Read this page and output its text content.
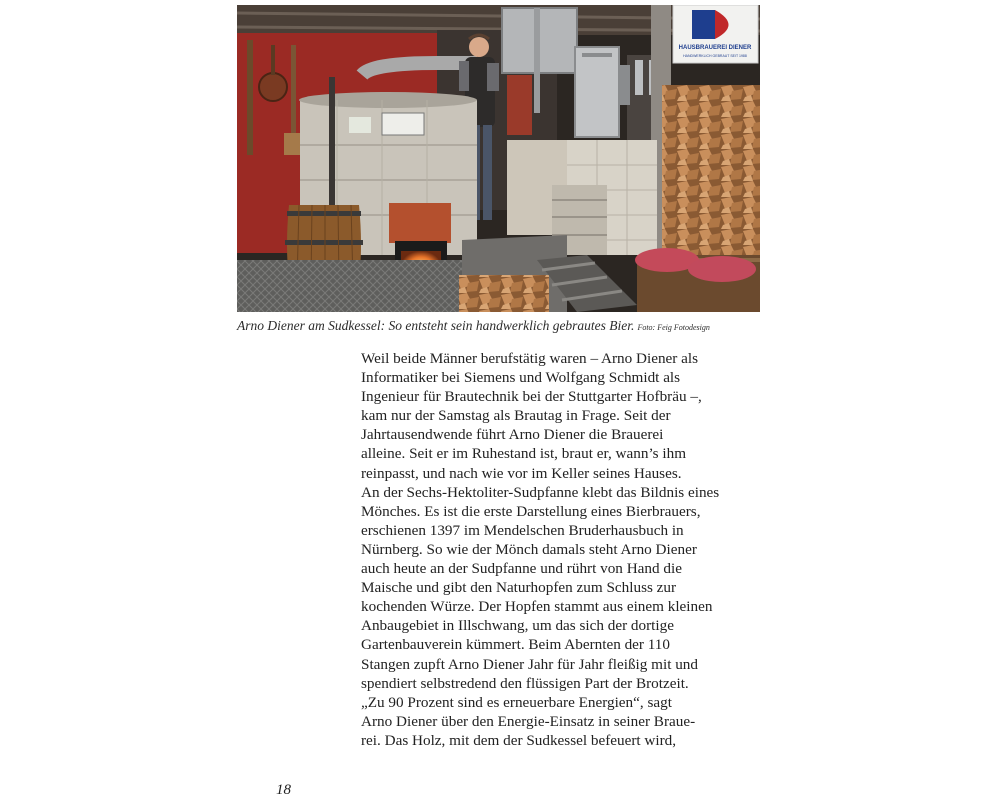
HAUSBRAUEREI DIENER
HANDWERKLICH GEBRAUT SEIT 1988
Arno Diener am Sudkessel: So entsteht sein handwerklich gebrautes Bier. Foto: Feig Fotodesign
Weil beide Männer berufstätig waren – Arno Diener als
Informatiker bei Siemens und Wolfgang Schmidt als
Ingenieur für Brautechnik bei der Stuttgarter Hofbräu –,
kam nur der Samstag als Brautag in Frage. Seit der
Jahrtausendwende führt Arno Diener die Brauerei
alleine. Seit er im Ruhestand ist, braut er, wann’s ihm
reinpasst, und nach wie vor im Keller seines Hauses.
An der Sechs-Hektoliter-Sudpfanne klebt das Bildnis eines
Mönches. Es ist die erste Darstellung eines Bierbrauers,
erschienen 1397 im Mendelschen Bruderhausbuch in
Nürnberg. So wie der Mönch damals steht Arno Diener
auch heute an der Sudpfanne und rührt von Hand die
Maische und gibt den Naturhopfen zum Schluss zur
kochenden Würze. Der Hopfen stammt aus einem kleinen
Anbaugebiet in Illschwang, um das sich der dortige
Gartenbauverein kümmert. Beim Abernten der 110
Stangen zupft Arno Diener Jahr für Jahr fleißig mit und
spendiert selbstredend den flüssigen Part der Brotzeit.
„Zu 90 Prozent sind es erneuerbare Energien“, sagt
Arno Diener über den Energie-Einsatz in seiner Braue-
rei. Das Holz, mit dem der Sudkessel befeuert wird,
18
